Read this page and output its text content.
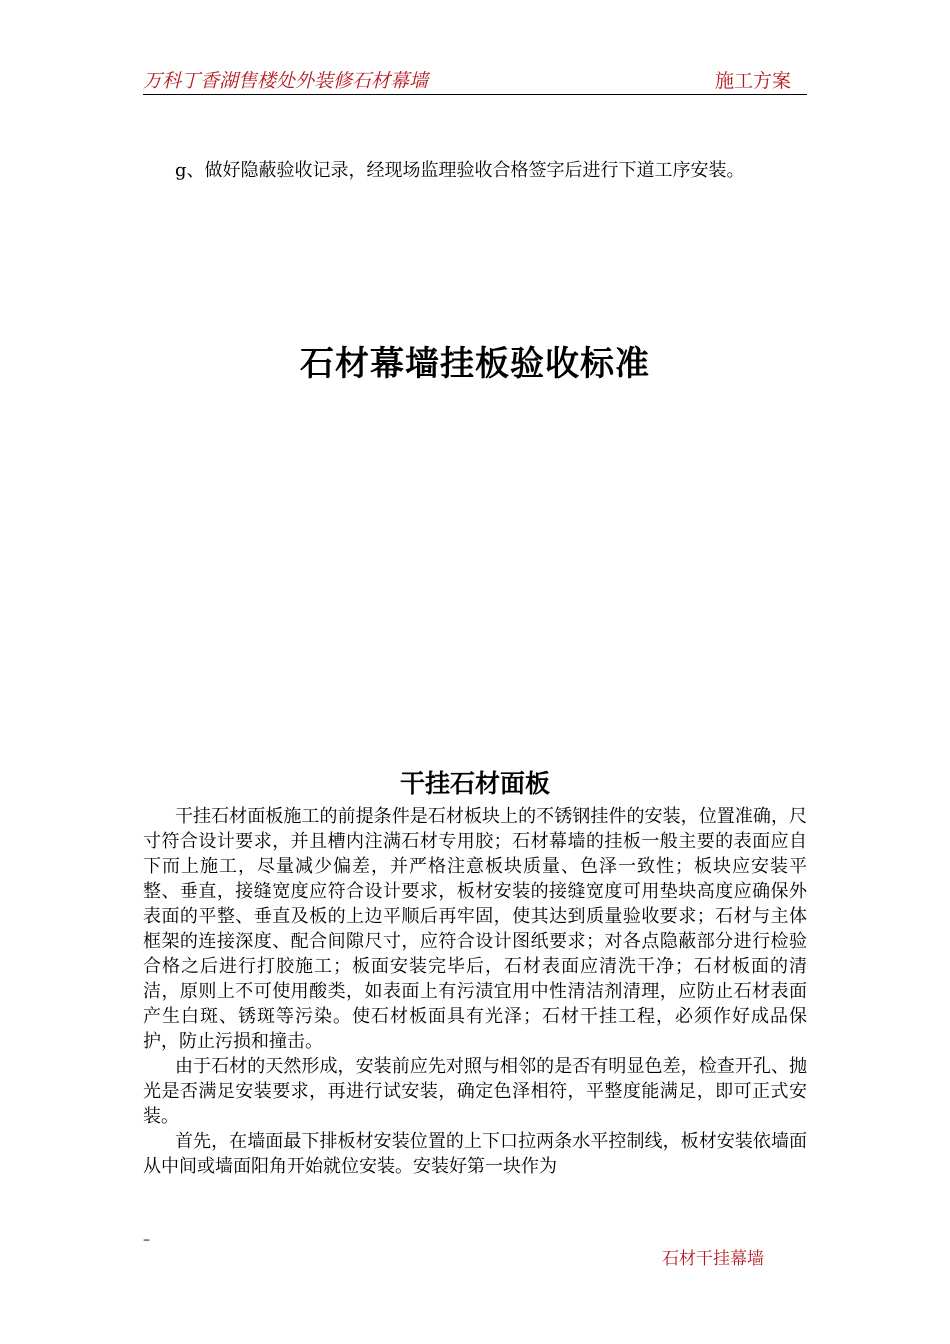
万科丁香湖售楼处外装修石材幕墙	施工方案

g、做好隐蔽验收记录，经现场监理验收合格签字后进行下道工序安装。

石材幕墙挂板验收标准
干挂石材面板

干挂石材面板施工的前提条件是石材板块上的不锈钢挂件的安装，位置准确，尺寸符合设计要求，并且槽内注满石材专用胶；石材幕墙的挂板一般主要的表面应自下而上施工，尽量减少偏差，并严格注意板块质量、色泽一致性；板块应安装平整、垂直，接缝宽度应符合设计要求，板材安装的接缝宽度可用垫块高度应确保外表面的平整、垂直及板的上边平顺后再牢固，使其达到质量验收要求；石材与主体框架的连接深度、配合间隙尺寸，应符合设计图纸要求；对各点隐蔽部分进行检验合格之后进行打胶施工；板面安装完毕后，石材表面应清洗干净；石材板面的清洁，原则上不可使用酸类，如表面上有污渍宜用中性清洁剂清理，应防止石材表面产生白斑、锈斑等污染。使石材板面具有光泽；石材干挂工程，必须作好成品保护，防止污损和撞击。

由于石材的天然形成，安装前应先对照与相邻的是否有明显色差，检查开孔、抛光是否满足安装要求，再进行试安装，确定色泽相符，平整度能满足，即可正式安装。

首先，在墙面最下排板材安装位置的上下口拉两条水平控制线，板材安装依墙面从中间或墙面阳角开始就位安装。安装好第一块作为

–
石材干挂幕墙
